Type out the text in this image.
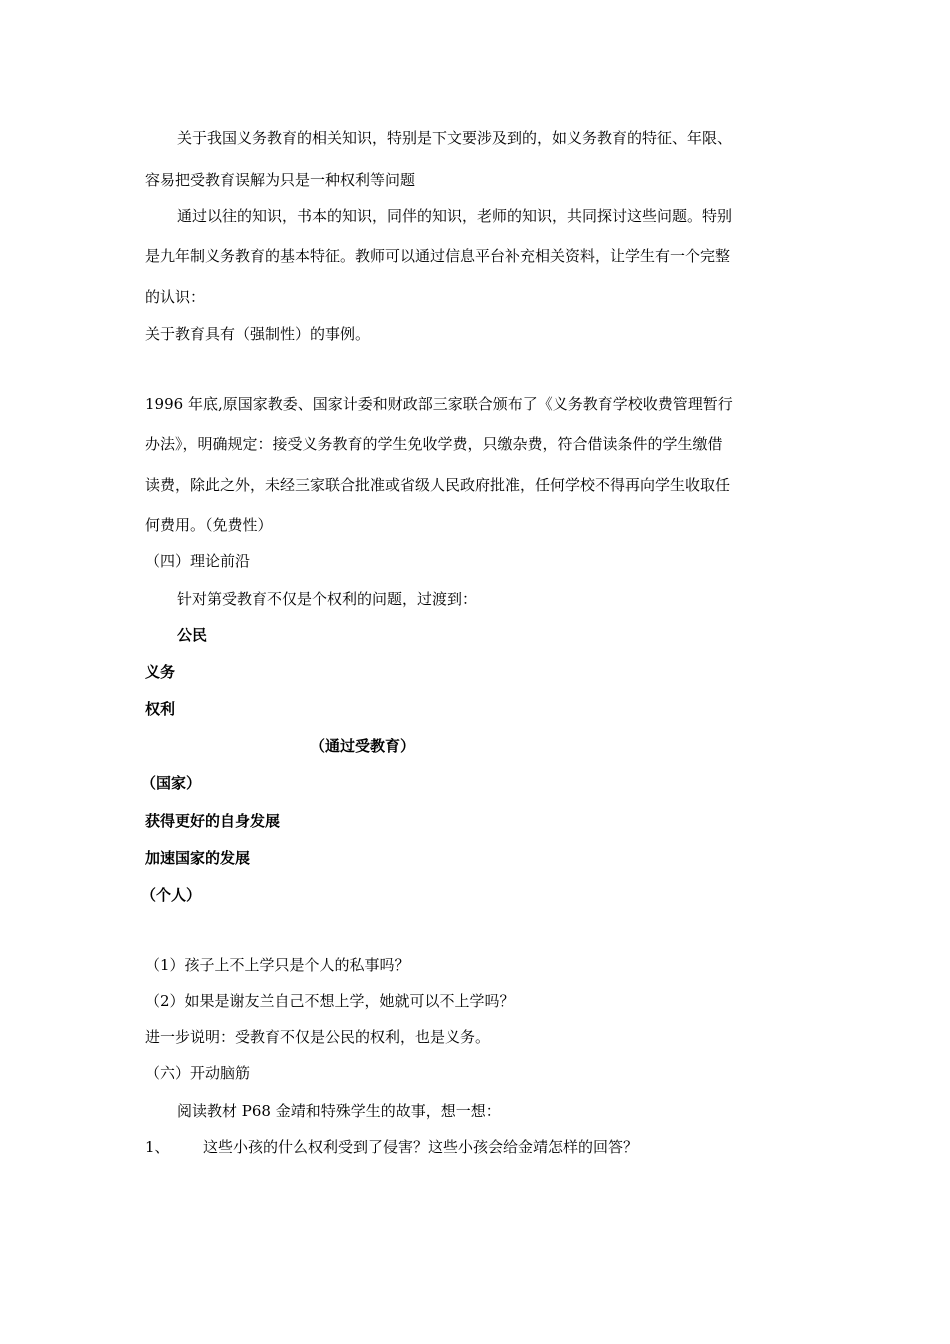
关于我国义务教育的相关知识，特别是下文要涉及到的，如义务教育的特征、年限、
容易把受教育误解为只是一种权利等问题
通过以往的知识，书本的知识，同伴的知识，老师的知识，共同探讨这些问题。特别
是九年制义务教育的基本特征。教师可以通过信息平台补充相关资料，让学生有一个完整
的认识：
关于教育具有（强制性）的事例。
1996 年底,原国家教委、国家计委和财政部三家联合颁布了《义务教育学校收费管理暂行
办法》，明确规定：接受义务教育的学生免收学费，只缴杂费，符合借读条件的学生缴借
读费，除此之外，未经三家联合批准或省级人民政府批准，任何学校不得再向学生收取任
何费用。（免费性）
（四）理论前沿
针对第受教育不仅是个权利的问题，过渡到：
公民
义务
权利
（通过受教育）
（国家）
获得更好的自身发展
加速国家的发展
（个人）
（1）孩子上不上学只是个人的私事吗？
（2）如果是谢友兰自己不想上学，她就可以不上学吗？
进一步说明：受教育不仅是公民的权利，也是义务。
（六）开动脑筋
阅读教材 P68 金靖和特殊学生的故事，想一想：
1、 这些小孩的什么权利受到了侵害？这些小孩会给金靖怎样的回答？
